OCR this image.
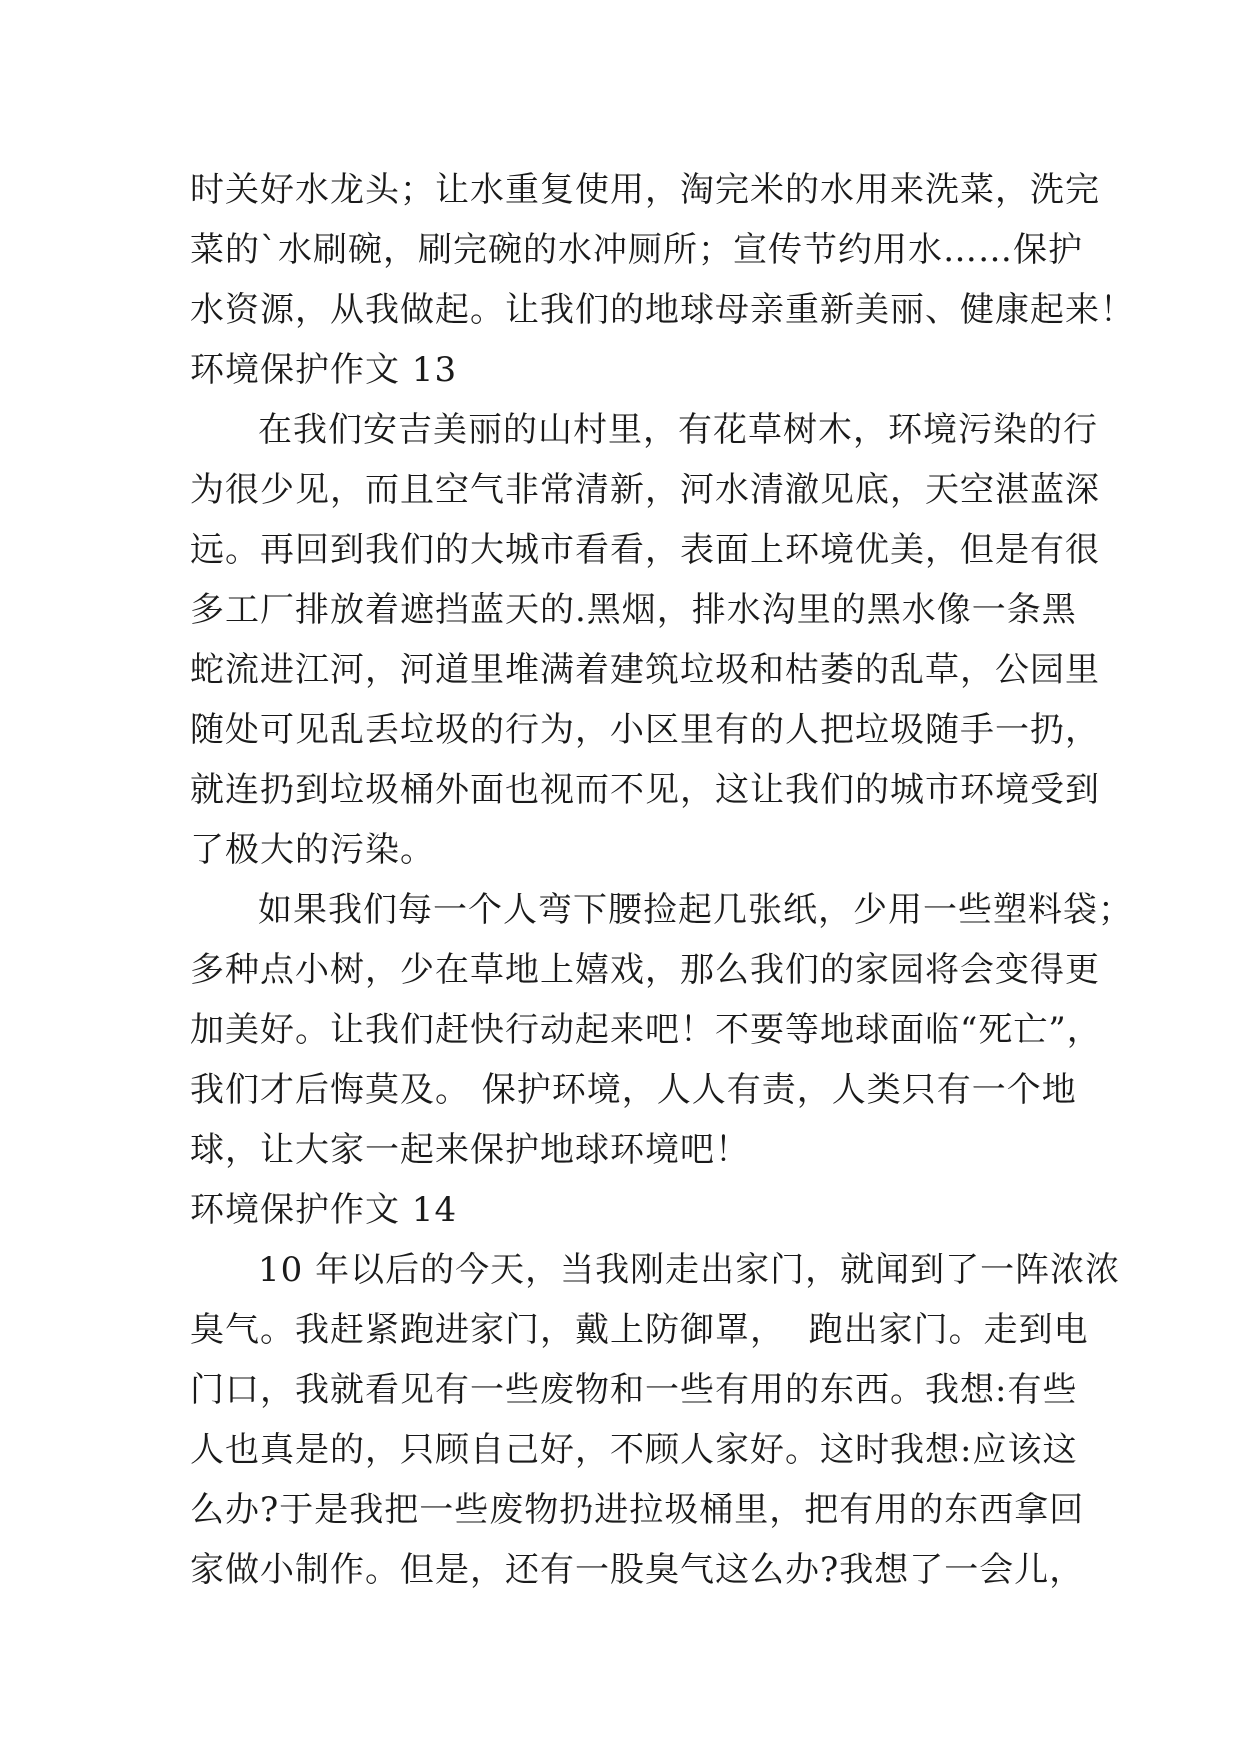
时关好水龙头；让水重复使用，淘完米的水用来洗菜，洗完
菜的`水刷碗，刷完碗的水冲厕所；宣传节约用水……保护
水资源，从我做起。让我们的地球母亲重新美丽、健康起来！
环境保护作文 13
在我们安吉美丽的山村里，有花草树木，环境污染的行
为很少见，而且空气非常清新，河水清澈见底，天空湛蓝深
远。再回到我们的大城市看看，表面上环境优美，但是有很
多工厂排放着遮挡蓝天的.黑烟，排水沟里的黑水像一条黑
蛇流进江河，河道里堆满着建筑垃圾和枯萎的乱草，公园里
随处可见乱丢垃圾的行为，小区里有的人把垃圾随手一扔，
就连扔到垃圾桶外面也视而不见，这让我们的城市环境受到
了极大的污染。
如果我们每一个人弯下腰捡起几张纸，少用一些塑料袋；
多种点小树，少在草地上嬉戏，那么我们的家园将会变得更
加美好。让我们赶快行动起来吧！不要等地球面临“死亡”，
我们才后悔莫及。 保护环境，人人有责，人类只有一个地
球，让大家一起来保护地球环境吧！
环境保护作文 14
10 年以后的今天，当我刚走出家门，就闻到了一阵浓浓
臭气。我赶紧跑进家门，戴上防御罩，  跑出家门。走到电
门口，我就看见有一些废物和一些有用的东西。我想:有些
人也真是的，只顾自己好，不顾人家好。这时我想:应该这
么办?于是我把一些废物扔进拉圾桶里，把有用的东西拿回
家做小制作。但是，还有一股臭气这么办?我想了一会儿，
